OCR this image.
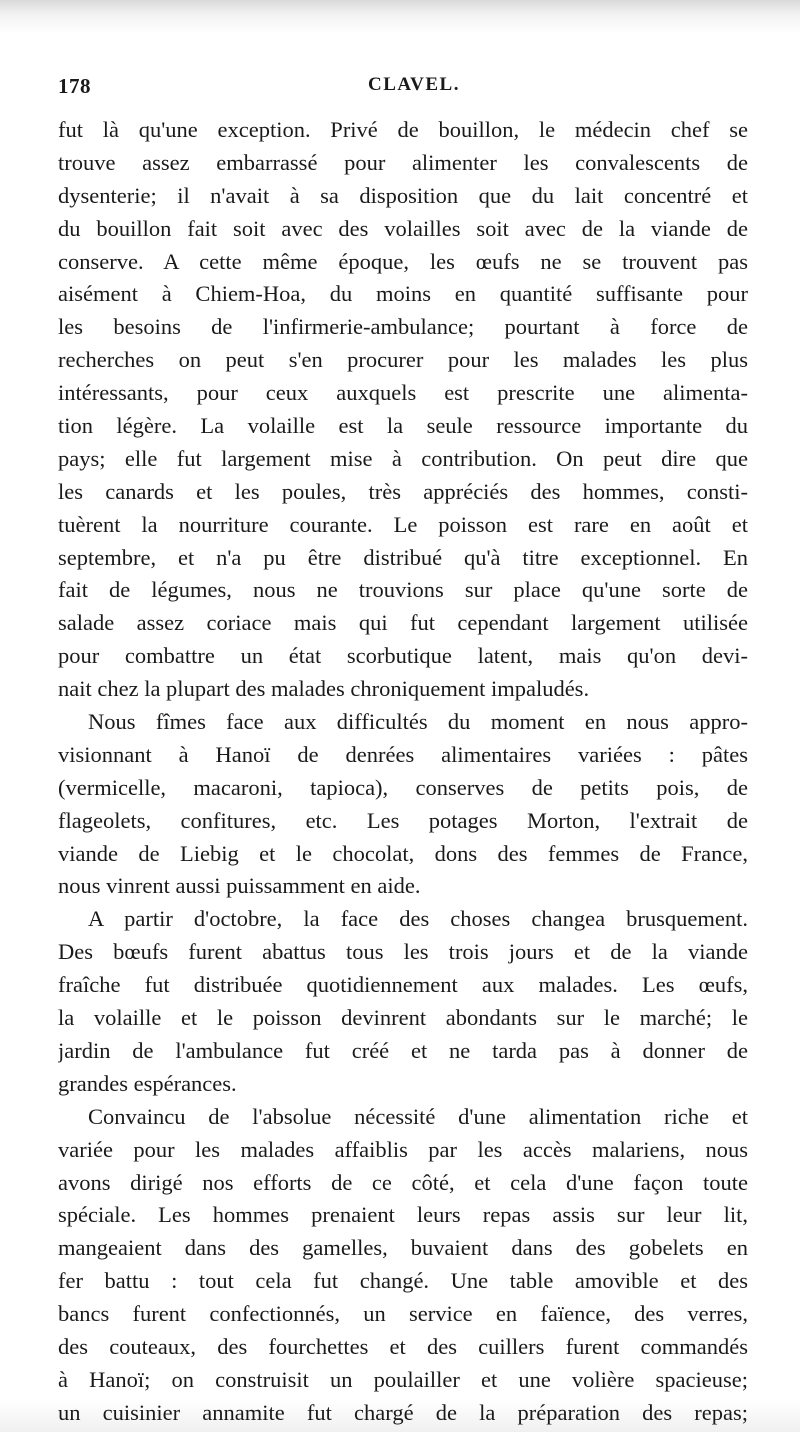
178	CLAVEL.
fut là qu'une exception. Privé de bouillon, le médecin chef se
trouve assez embarrassé pour alimenter les convalescents de
dysenterie; il n'avait à sa disposition que du lait concentré et
du bouillon fait soit avec des volailles soit avec de la viande de
conserve. A cette même époque, les œufs ne se trouvent pas
aisément à Chiem-Hoa, du moins en quantité suffisante pour
les besoins de l'infirmerie-ambulance; pourtant à force de
recherches on peut s'en procurer pour les malades les plus
intéressants, pour ceux auxquels est prescrite une alimenta-
tion légère. La volaille est la seule ressource importante du
pays; elle fut largement mise à contribution. On peut dire que
les canards et les poules, très appréciés des hommes, consti-
tuèrent la nourriture courante. Le poisson est rare en août et
septembre, et n'a pu être distribué qu'à titre exceptionnel. En
fait de légumes, nous ne trouvions sur place qu'une sorte de
salade assez coriace mais qui fut cependant largement utilisée
pour combattre un état scorbutique latent, mais qu'on devi-
nait chez la plupart des malades chroniquement impaludés.
Nous fîmes face aux difficultés du moment en nous appro-
visionnant à Hanoï de denrées alimentaires variées : pâtes
(vermicelle, macaroni, tapioca), conserves de petits pois, de
flageolets, confitures, etc. Les potages Morton, l'extrait de
viande de Liebig et le chocolat, dons des femmes de France,
nous vinrent aussi puissamment en aide.
A partir d'octobre, la face des choses changea brusquement.
Des bœufs furent abattus tous les trois jours et de la viande
fraîche fut distribuée quotidiennement aux malades. Les œufs,
la volaille et le poisson devinrent abondants sur le marché; le
jardin de l'ambulance fut créé et ne tarda pas à donner de
grandes espérances.
Convaincu de l'absolue nécessité d'une alimentation riche et
variée pour les malades affaiblis par les accès malariens, nous
avons dirigé nos efforts de ce côté, et cela d'une façon toute
spéciale. Les hommes prenaient leurs repas assis sur leur lit,
mangeaient dans des gamelles, buvaient dans des gobelets en
fer battu : tout cela fut changé. Une table amovible et des
bancs furent confectionnés, un service en faïence, des verres,
des couteaux, des fourchettes et des cuillers furent commandés
à Hanoï; on construisit un poulailler et une volière spacieuse;
un cuisinier annamite fut chargé de la préparation des repas;
